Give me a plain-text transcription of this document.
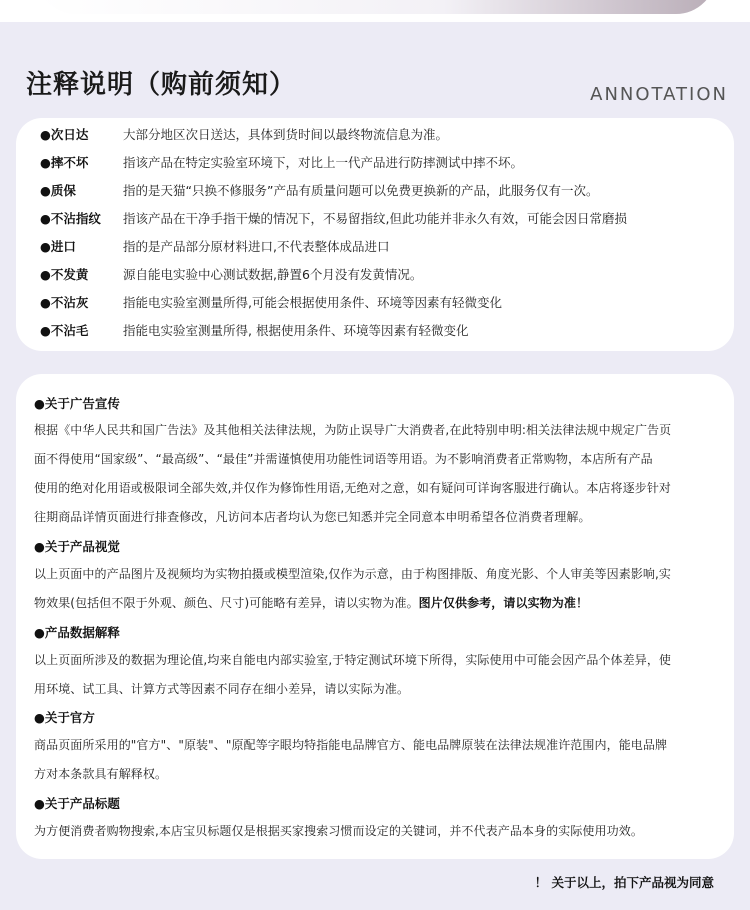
注释说明（购前须知）	ANNOTATION
●次日达	大部分地区次日送达，具体到货时间以最终物流信息为准。
●摔不坏	指该产品在特定实验室环境下，对比上一代产品进行防摔测试中摔不坏。
●质保	指的是天猫“只换不修服务”产品有质量问题可以免费更换新的产品，此服务仅有一次。
●不沾指纹 指该产品在干净手指干燥的情况下，不易留指纹,但此功能并非永久有效，可能会因日常磨损
●进口	指的是产品部分原材料进口,不代表整体成品进口
●不发黄	源自能电实验中心测试数据,静置6个月没有发黄情况。
●不沾灰	指能电实验室测量所得,可能会根据使用条件、环境等因素有轻微变化
●不沾毛	指能电实验室测量所得, 根据使用条件、环境等因素有轻微变化
●关于广告宣传
根据《中华人民共和国广告法》及其他相关法律法规，为防止误导广大消费者,在此特别申明:相关法律法规中规定广告页
面不得使用“国家级”、“最高级”、“最佳”并需谨慎使用功能性词语等用语。为不影响消费者正常购物，本店所有产品
使用的绝对化用语或极限词全部失效,并仅作为修饰性用语,无绝对之意，如有疑问可详询客服进行确认。本店将逐步针对
往期商品详情页面进行排查修改，凡访问本店者均认为您已知悉并完全同意本申明希望各位消费者理解。
●关于产品视觉
以上页面中的产品图片及视频均为实物拍摄或模型渲染,仅作为示意，由于构图排版、角度光影、个人审美等因素影响,实
物效果(包括但不限于外观、颜色、尺寸)可能略有差异，请以实物为准。图片仅供参考，请以实物为准！
●产品数据解释
以上页面所涉及的数据为理论值,均来自能电内部实验室,于特定测试环境下所得，实际使用中可能会因产品个体差异，使
用环境、试工具、计算方式等因素不同存在细小差异，请以实际为准。
●关于官方
商品页面所采用的"官方"、"原装"、"原配等字眼均特指能电品牌官方、能电品牌原装在法律法规准许范围内，能电品牌
方对本条款具有解释权。
●关于产品标题
为方便消费者购物搜索,本店宝贝标题仅是根据买家搜索习惯而设定的关键词，并不代表产品本身的实际使用功效。
！ 关于以上，拍下产品视为同意
